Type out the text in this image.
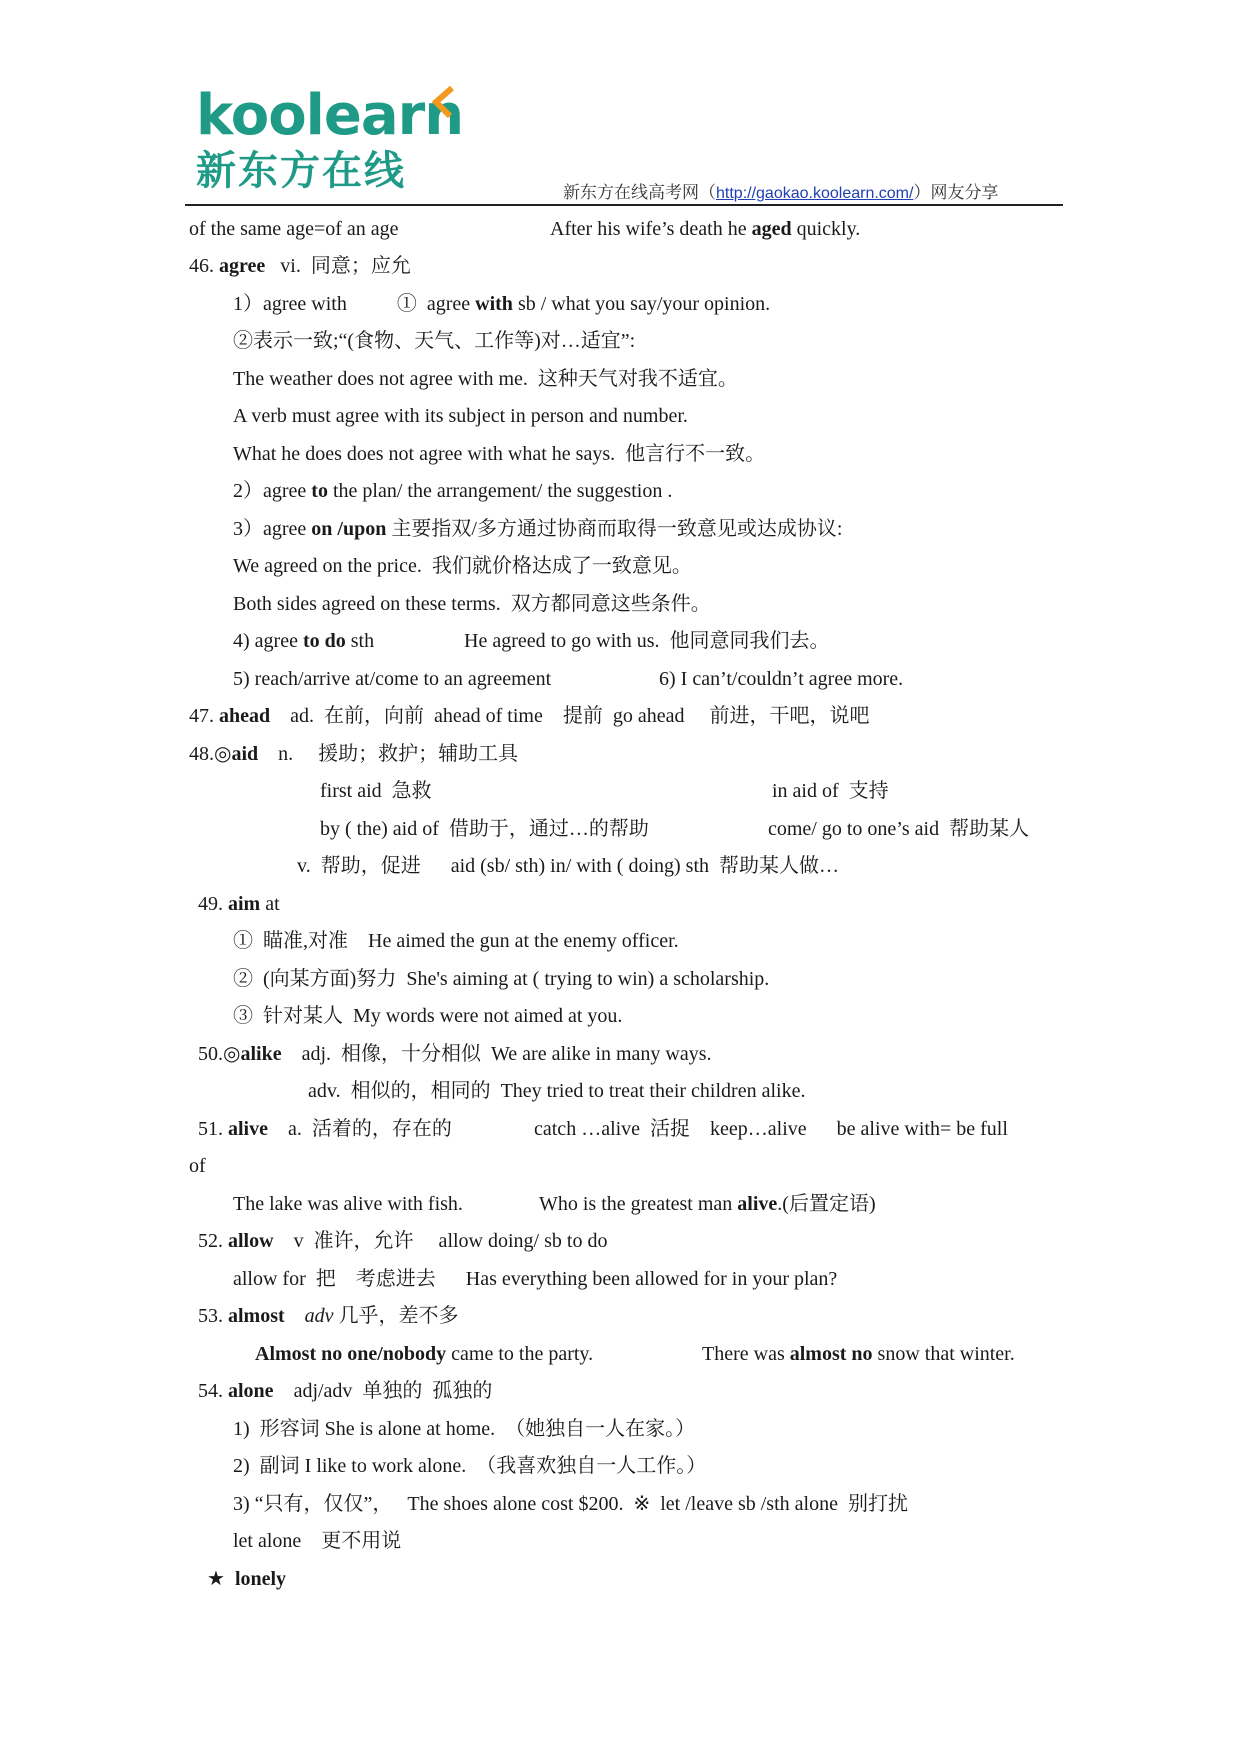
koolearn
新东方在线	新东方在线高考网（http://gaokao.koolearn.com/）网友分享
of the same age=of an age	After his wife’s death he aged quickly.
46. agree   vi.  同意；应允
1）agree with          ①  agree with sb / what you say/your opinion.
②表示一致;“(食物、天气、工作等)对…适宜”:
The weather does not agree with me.  这种天气对我不适宜。
A verb must agree with its subject in person and number.
What he does does not agree with what he says.  他言行不一致。
2）agree to the plan/ the arrangement/ the suggestion .
3）agree on /upon 主要指双/多方通过协商而取得一致意见或达成协议:
We agreed on the price.  我们就价格达成了一致意见。
Both sides agreed on these terms.  双方都同意这些条件。
4) agree to do sth	He agreed to go with us.  他同意同我们去。
5) reach/arrive at/come to an agreement	6) I can’t/couldn’t agree more.
47. ahead    ad.  在前，向前  ahead of time    提前  go ahead     前进，干吧，说吧
48.◎aid    n.     援助；救护；辅助工具
first aid  急救	in aid of  支持
by ( the) aid of  借助于，通过…的帮助	come/ go to one’s aid  帮助某人
v.  帮助，促进      aid (sb/ sth) in/ with ( doing) sth  帮助某人做…
49. aim at
①  瞄准,对准    He aimed the gun at the enemy officer.
②  (向某方面)努力  She's aiming at ( trying to win) a scholarship.
③  针对某人  My words were not aimed at you.
50.◎alike    adj.  相像，十分相似  We are alike in many ways.
adv.  相似的，相同的  They tried to treat their children alike.
51. alive    a.  活着的，存在的	catch …alive  活捉    keep…alive      be alive with= be full
of
The lake was alive with fish.	Who is the greatest man alive.(后置定语)
52. allow    v  准许，允许     allow doing/ sb to do
allow for  把    考虑进去      Has everything been allowed for in your plan?
53. almost adv 几乎，差不多
Almost no one/nobody came to the party.	There was almost no snow that winter.
54. alone    adj/adv  单独的  孤独的
1)  形容词 She is alone at home.  （她独自一人在家。）
2)  副词 I like to work alone.  （我喜欢独自一人工作。）
3) “只有，仅仅”，   The shoes alone cost $200.  ※  let /leave sb /sth alone  别打扰
let alone    更不用说
★  lonely
